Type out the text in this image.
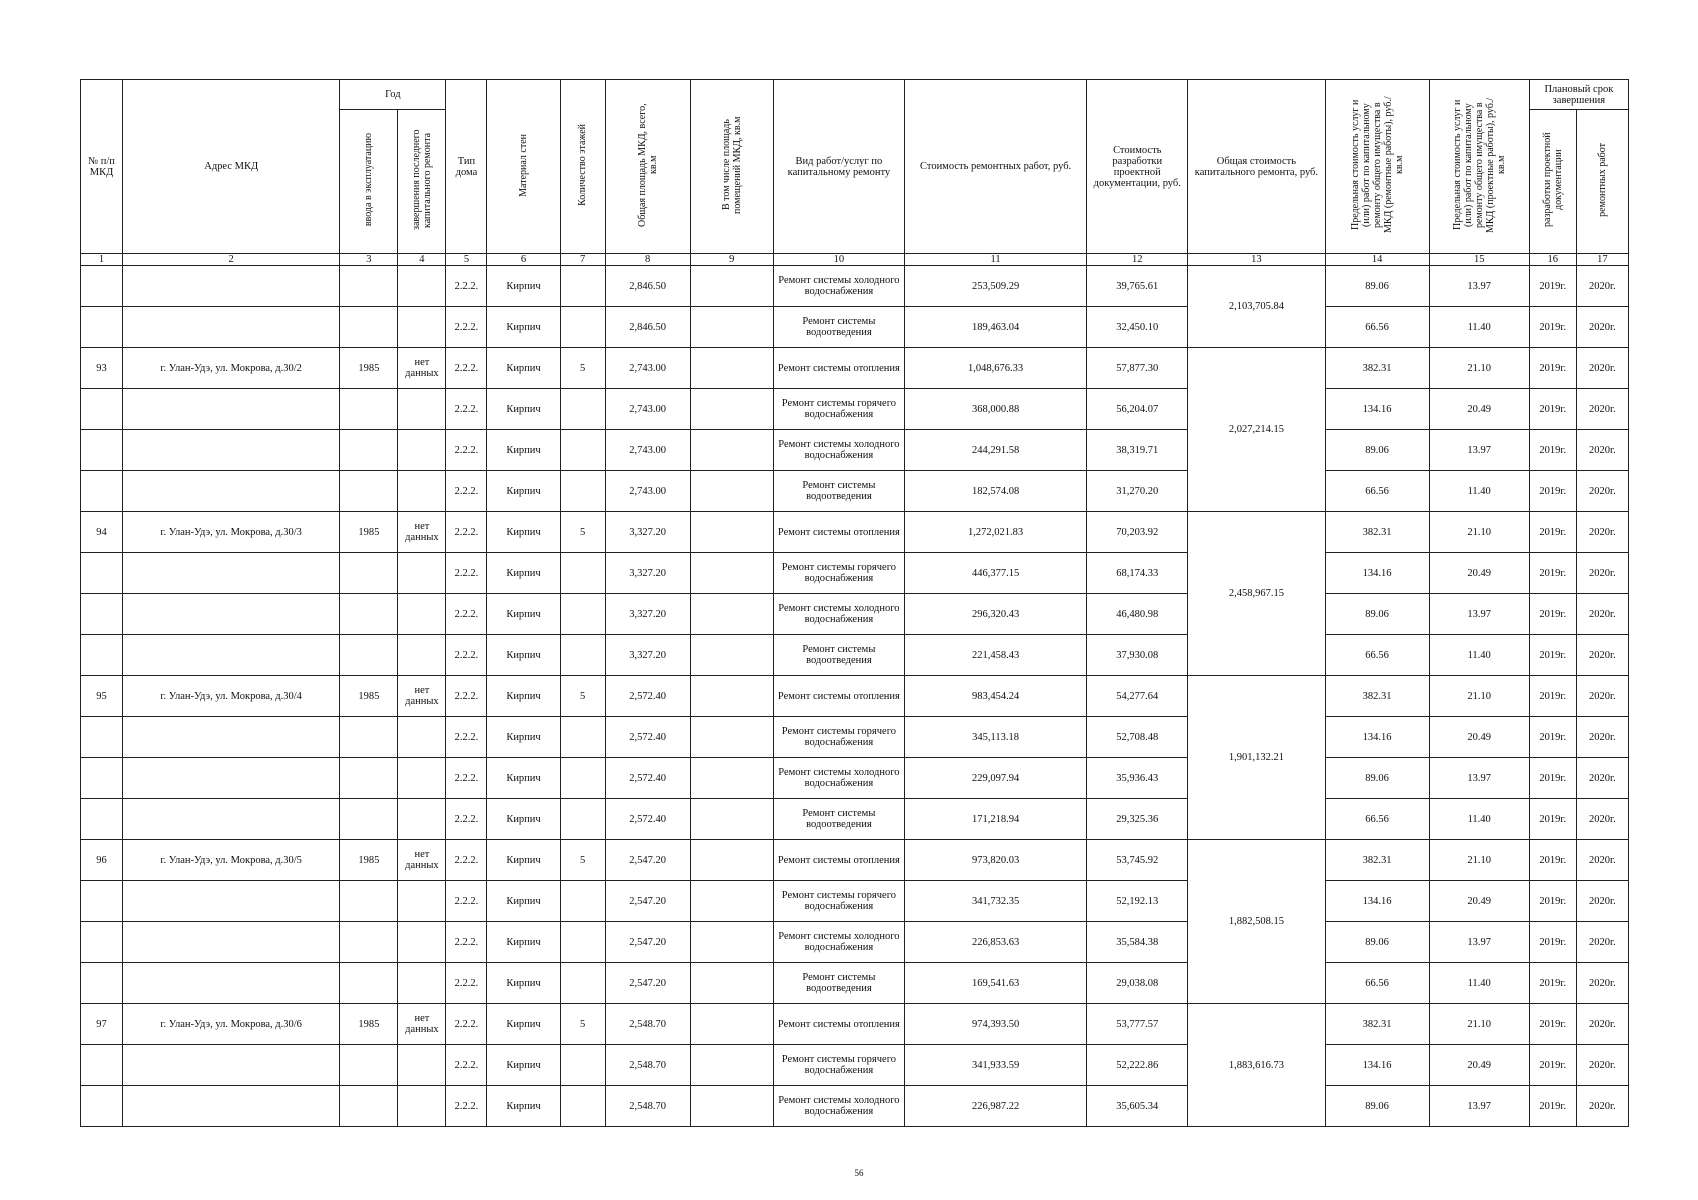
№ п/п МКД	Адрес МКД	Год		Тип дома	Материал стен	Количество этажей	Общая площадь МКД, всего, кв.м	В том числе площадь помещений МКД, кв.м	Вид работ/услуг по капитальному ремонту	Стоимость ремонтных работ, руб.	Стоимость разработки проектной документации, руб.	Общая стоимость капитального ремонта, руб.	Предельная стоимость услуг и (или) работ по капитальному ремонту общего имущества в МКД (ремонтные работы), руб./кв.м	Предельная стоимость услуг и (или) работ по капитальному ремонту общего имущества в МКД (проектные работы), руб./кв.м	Плановый срок завершения	
		ввода в эксплуатацию	завершения последнего капитального ремонта												разработки проектной документации	ремонтных работ
1	2	3	4	5	6	7	8	9	10	11	12	13	14	15	16	17
				2.2.2.	Кирпич		2,846.50		Ремонт системы холодного водоснабжения	253,509.29	39,765.61	2,103,705.84	89.06	13.97	2019г.	2020г.
				2.2.2.	Кирпич		2,846.50		Ремонт системы водоотведения	189,463.04	32,450.10		66.56	11.40	2019г.	2020г.
93	г. Улан-Удэ, ул. Мокрова, д.30/2	1985	нет данных	2.2.2.	Кирпич	5	2,743.00		Ремонт системы отопления	1,048,676.33	57,877.30	2,027,214.15	382.31	21.10	2019г.	2020г.
				2.2.2.	Кирпич		2,743.00		Ремонт системы горячего водоснабжения	368,000.88	56,204.07		134.16	20.49	2019г.	2020г.
				2.2.2.	Кирпич		2,743.00		Ремонт системы холодного водоснабжения	244,291.58	38,319.71		89.06	13.97	2019г.	2020г.
				2.2.2.	Кирпич		2,743.00		Ремонт системы водоотведения	182,574.08	31,270.20		66.56	11.40	2019г.	2020г.
94	г. Улан-Удэ, ул. Мокрова, д.30/3	1985	нет данных	2.2.2.	Кирпич	5	3,327.20		Ремонт системы отопления	1,272,021.83	70,203.92	2,458,967.15	382.31	21.10	2019г.	2020г.
				2.2.2.	Кирпич		3,327.20		Ремонт системы горячего водоснабжения	446,377.15	68,174.33		134.16	20.49	2019г.	2020г.
				2.2.2.	Кирпич		3,327.20		Ремонт системы холодного водоснабжения	296,320.43	46,480.98		89.06	13.97	2019г.	2020г.
				2.2.2.	Кирпич		3,327.20		Ремонт системы водоотведения	221,458.43	37,930.08		66.56	11.40	2019г.	2020г.
95	г. Улан-Удэ, ул. Мокрова, д.30/4	1985	нет данных	2.2.2.	Кирпич	5	2,572.40		Ремонт системы отопления	983,454.24	54,277.64	1,901,132.21	382.31	21.10	2019г.	2020г.
				2.2.2.	Кирпич		2,572.40		Ремонт системы горячего водоснабжения	345,113.18	52,708.48		134.16	20.49	2019г.	2020г.
				2.2.2.	Кирпич		2,572.40		Ремонт системы холодного водоснабжения	229,097.94	35,936.43		89.06	13.97	2019г.	2020г.
				2.2.2.	Кирпич		2,572.40		Ремонт системы водоотведения	171,218.94	29,325.36		66.56	11.40	2019г.	2020г.
96	г. Улан-Удэ, ул. Мокрова, д.30/5	1985	нет данных	2.2.2.	Кирпич	5	2,547.20		Ремонт системы отопления	973,820.03	53,745.92	1,882,508.15	382.31	21.10	2019г.	2020г.
				2.2.2.	Кирпич		2,547.20		Ремонт системы горячего водоснабжения	341,732.35	52,192.13		134.16	20.49	2019г.	2020г.
				2.2.2.	Кирпич		2,547.20		Ремонт системы холодного водоснабжения	226,853.63	35,584.38		89.06	13.97	2019г.	2020г.
				2.2.2.	Кирпич		2,547.20		Ремонт системы водоотведения	169,541.63	29,038.08		66.56	11.40	2019г.	2020г.
97	г. Улан-Удэ, ул. Мокрова, д.30/6	1985	нет данных	2.2.2.	Кирпич	5	2,548.70		Ремонт системы отопления	974,393.50	53,777.57	1,883,616.73	382.31	21.10	2019г.	2020г.
				2.2.2.	Кирпич		2,548.70		Ремонт системы горячего водоснабжения	341,933.59	52,222.86		134.16	20.49	2019г.	2020г.
				2.2.2.	Кирпич		2,548.70		Ремонт системы холодного водоснабжения	226,987.22	35,605.34		89.06	13.97	2019г.	2020г.
56
